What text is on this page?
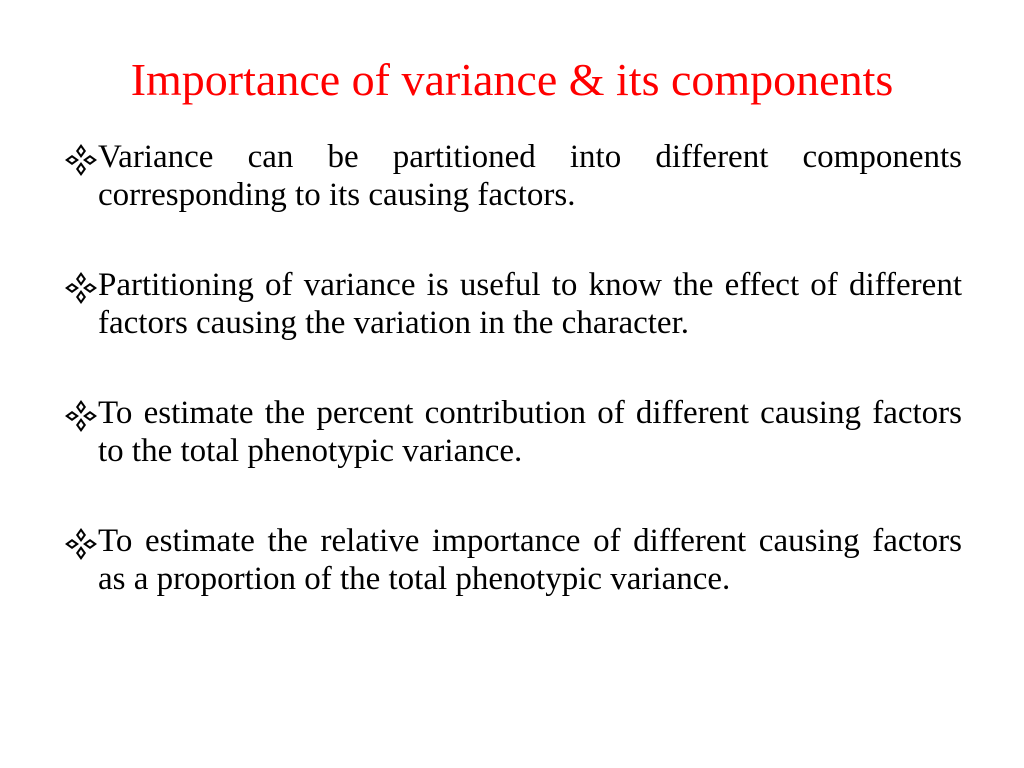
Importance of variance & its components
Variance can be partitioned into different components corresponding to its causing factors.
Partitioning of variance is useful to know the effect of different factors causing the variation in the character.
To estimate the percent contribution of different causing factors to the total phenotypic variance.
To estimate the relative importance of different causing factors as a proportion of the total phenotypic variance.
